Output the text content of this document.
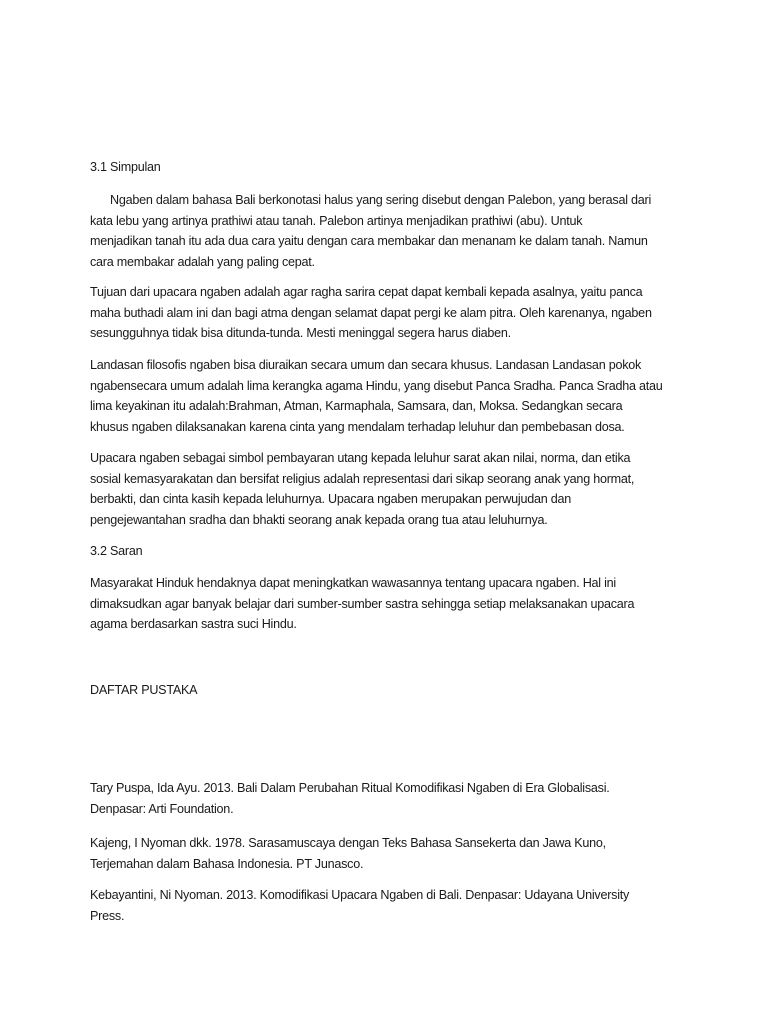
3.1 Simpulan

Ngaben dalam bahasa Bali berkonotasi halus yang sering disebut dengan Palebon, yang berasal dari
kata lebu yang artinya prathiwi atau tanah. Palebon artinya menjadikan prathiwi (abu). Untuk
menjadikan tanah itu ada dua cara yaitu dengan cara membakar dan menanam ke dalam tanah. Namun
cara membakar adalah yang paling cepat.

Tujuan dari upacara ngaben adalah agar ragha sarira cepat dapat kembali kepada asalnya, yaitu panca
maha buthadi alam ini dan bagi atma dengan selamat dapat pergi ke alam pitra. Oleh karenanya, ngaben
sesungguhnya tidak bisa ditunda-tunda. Mesti meninggal segera harus diaben.

Landasan filosofis ngaben bisa diuraikan secara umum dan secara khusus. Landasan Landasan pokok
ngabensecara umum adalah lima kerangka agama Hindu, yang disebut Panca Sradha. Panca Sradha atau
lima keyakinan itu adalah:Brahman, Atman, Karmaphala, Samsara, dan, Moksa. Sedangkan secara
khusus ngaben dilaksanakan karena cinta yang mendalam terhadap leluhur dan pembebasan dosa.

Upacara ngaben sebagai simbol pembayaran utang kepada leluhur sarat akan nilai, norma, dan etika
sosial kemasyarakatan dan bersifat religius adalah representasi dari sikap seorang anak yang hormat,
berbakti, dan cinta kasih kepada leluhurnya. Upacara ngaben merupakan perwujudan dan
pengejewantahan sradha dan bhakti seorang anak kepada orang tua atau leluhurnya.

3.2 Saran

Masyarakat Hinduk hendaknya dapat meningkatkan wawasannya tentang upacara ngaben. Hal ini
dimaksudkan agar banyak belajar dari sumber-sumber sastra sehingga setiap melaksanakan upacara
agama berdasarkan sastra suci Hindu.

DAFTAR PUSTAKA

Tary Puspa, Ida Ayu. 2013. Bali Dalam Perubahan Ritual Komodifikasi Ngaben di Era Globalisasi.
Denpasar: Arti Foundation.

Kajeng, I Nyoman dkk. 1978. Sarasamuscaya dengan Teks Bahasa Sansekerta dan Jawa Kuno,
Terjemahan dalam Bahasa Indonesia. PT Junasco.

Kebayantini, Ni Nyoman. 2013. Komodifikasi Upacara Ngaben di Bali. Denpasar: Udayana University
Press.
